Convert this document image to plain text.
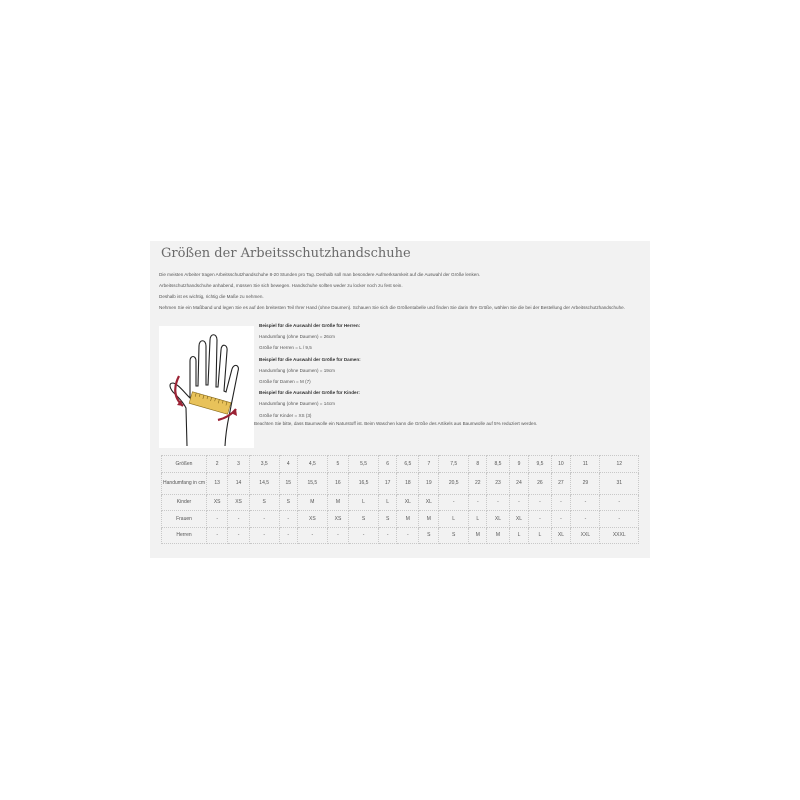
Größen der Arbeitsschutzhandschuhe

Die meisten Arbeiter tragen Arbeitsschutzhandschuhe 8-20 Stunden pro Tag. Deshalb soll man besondere Aufmerksamkeit auf die Auswahl der Größe lenken.

Arbeitsschutzhandschuhe anhabend, müssen Sie sich bewegen. Handschuhe sollten weder zu locker noch zu fest sein.

Deshalb ist es wichtig, richtig die Maße zu nehmen.

Nehmen Sie ein Maßband und legen Sie es auf den breitesten Teil Ihrer Hand (ohne Daumen). Schauen Sie sich die Größentabelle und finden Sie darin Ihre Größe, wählen Sie die bei der Bestellung der Arbeitsschutzhandschuhe.

Beispiel für die Auswahl der Größe für Herren:
Handumfang (ohne Daumen) = 26cm
Größe für Herren = L / 9,5
Beispiel für die Auswahl der Größe für Damen:
Handumfang (ohne Daumen) = 19cm
Größe für Damen = M (7)
Beispiel für die Auswahl der Größe für Kinder:
Handumfang (ohne Daumen) = 14cm
Größe für Kinder = XS (3)
Beachten Sie bitte, dass Baumwolle ein Naturstoff ist. Beim Waschen kann die Größe des Artikels aus Baumwolle auf 5% reduziert werden.
Größen	2	3	3,5	4	4,5	5	5,5	6	6,5	7	7,5	8	8,5	9	9,5	10	11	12
Handumfang in cm	13	14	14,5	15	15,5	16	16,5	17	18	19	20,5	22	23	24	26	27	29	31
Kinder	XS	XS	S	S	M	M	L	L	XL	XL	-	-	-	-	-	-	-	-
Frauen	-	-	-	-	XS	XS	S	S	M	M	L	L	XL	XL	-	-	-	-
Herren	-	-	-	-	-	-	-	-	-	S	S	M	M	L	L	XL	XXL	XXXL
